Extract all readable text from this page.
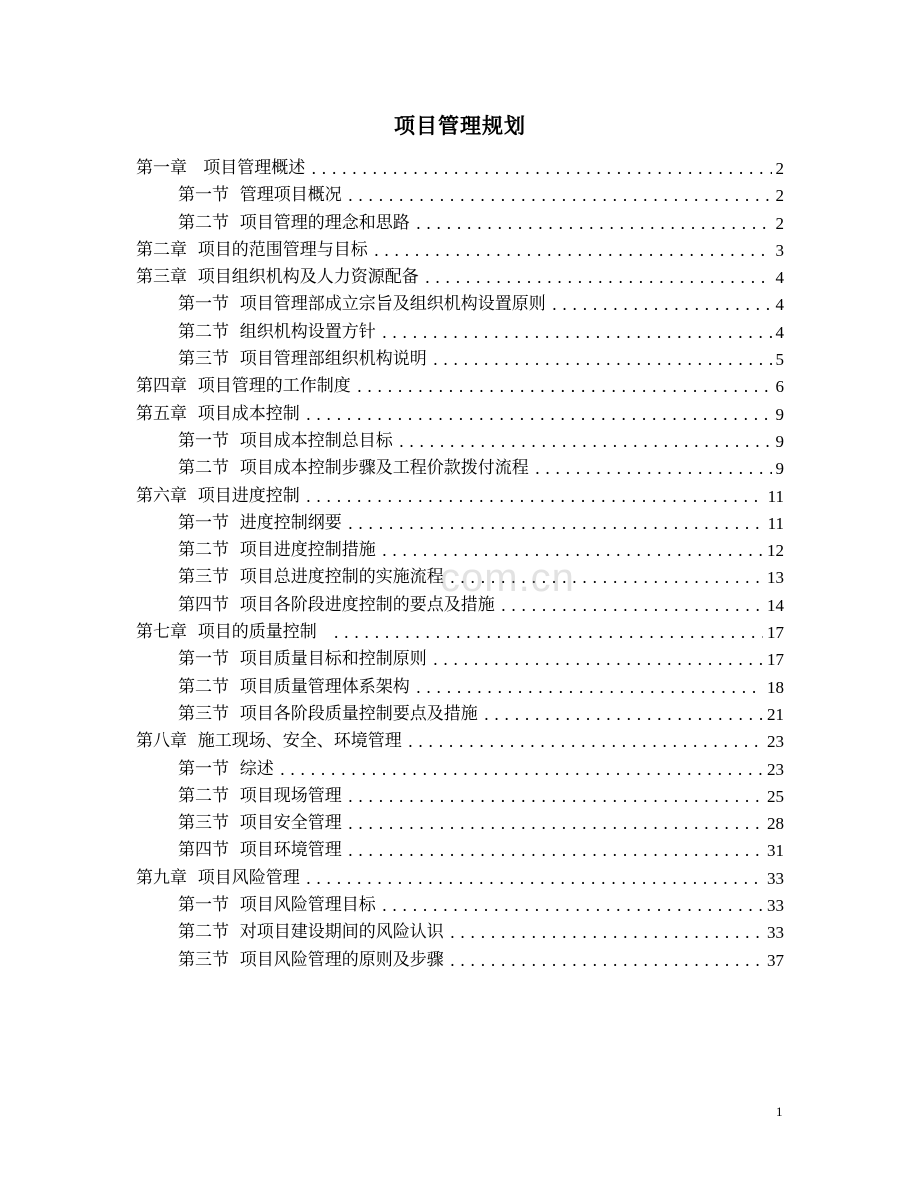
项目管理规划
第一章   项目管理概述 . . .	2
第一节  管理项目概况 . . .	2
第二节  项目管理的理念和思路 . . .	2
第二章  项目的范围管理与目标 . . .	3
第三章  项目组织机构及人力资源配备 . . .	4
第一节  项目管理部成立宗旨及组织机构设置原则 . . .	4
第二节  组织机构设置方针 . . .	4
第三节  项目管理部组织机构说明 . . .	5
第四章  项目管理的工作制度 . . .	6
第五章  项目成本控制 . . .	9
第一节  项目成本控制总目标 . . .	9
第二节  项目成本控制步骤及工程价款拨付流程 . . .	9
第六章  项目进度控制 . . .	11
第一节  进度控制纲要 . . .	11
第二节  项目进度控制措施 . . .	12
第三节  项目总进度控制的实施流程 . . .	13
第四节  项目各阶段进度控制的要点及措施 . . .	14
第七章  项目的质量控制 . . .	17
第一节  项目质量目标和控制原则 . . .	17
第二节  项目质量管理体系架构 . . .	18
第三节  项目各阶段质量控制要点及措施 . . .	21
第八章  施工现场、安全、环境管理 . . .	23
第一节  综述 . . .	23
第二节  项目现场管理 . . .	25
第三节  项目安全管理 . . .	28
第四节  项目环境管理 . . .	31
第九章  项目风险管理 . . .	33
第一节  项目风险管理目标 . . .	33
第二节  对项目建设期间的风险认识 . . .	33
第三节  项目风险管理的原则及步骤 . . .	37
com.cn
1
